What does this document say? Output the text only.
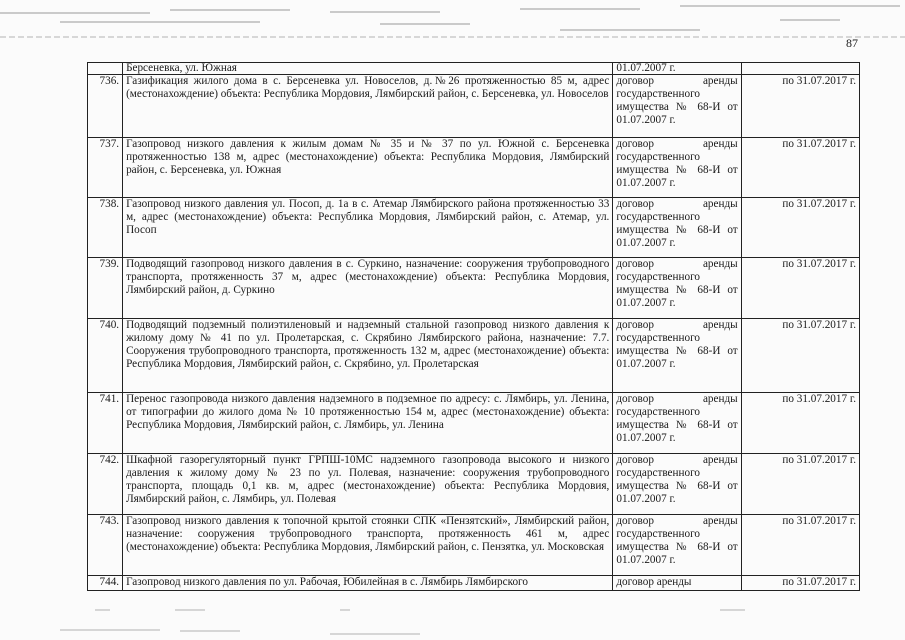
87
	Берсеневка, ул. Южная	01.07.2007 г.	
736.	Газификация жилого дома в с. Берсеневка ул. Новоселов, д.№26 протяженностью 85 м, адрес (местонахождение) объекта: Республика Мордовия, Лямбирский район, с. Берсеневка, ул. Новоселов	договор аренды государственного имущества № 68-И от 01.07.2007 г.	по 31.07.2017 г.
737.	Газопровод низкого давления к жилым домам № 35 и № 37 по ул. Южной с. Берсеневка протяженностью 138 м, адрес (местонахождение) объекта: Республика Мордовия, Лямбирский район, с. Берсеневка, ул. Южная	договор аренды государственного имущества № 68-И от 01.07.2007 г.	по 31.07.2017 г.
738.	Газопровод низкого давления ул. Посоп, д. 1а в с. Атемар Лямбирского района протяженностью 33 м, адрес (местонахождение) объекта: Республика Мордовия, Лямбирский район, с. Атемар, ул. Посоп	договор аренды государственного имущества № 68-И от 01.07.2007 г.	по 31.07.2017 г.
739.	Подводящий газопровод низкого давления в с. Суркино, назначение: сооружения трубопроводного транспорта, протяженность 37 м, адрес (местонахождение) объекта: Республика Мордовия, Лямбирский район, д. Суркино	договор аренды государственного имущества № 68-И от 01.07.2007 г.	по 31.07.2017 г.
740.	Подводящий подземный полиэтиленовый и надземный стальной газопровод низкого давления к жилому дому № 41 по ул. Пролетарская, с. Скрябино Лямбирского района, назначение: 7.7. Сооружения трубопроводного транспорта, протяженность 132 м, адрес (местонахождение) объекта: Республика Мордовия, Лямбирский район, с. Скрябино, ул. Пролетарская	договор аренды государственного имущества № 68-И от 01.07.2007 г.	по 31.07.2017 г.
741.	Перенос газопровода низкого давления надземного в подземное по адресу: с. Лямбирь, ул. Ленина, от типографии до жилого дома № 10 протяженностью 154 м, адрес (местонахождение) объекта: Республика Мордовия, Лямбирский район, с. Лямбирь, ул. Ленина	договор аренды государственного имущества № 68-И от 01.07.2007 г.	по 31.07.2017 г.
742.	Шкафной газорегуляторный пункт ГРПШ-10МС надземного газопровода высокого и низкого давления к жилому дому № 23 по ул. Полевая, назначение: сооружения трубопроводного транспорта, площадь 0,1 кв. м, адрес (местонахождение) объекта: Республика Мордовия, Лямбирский район, с. Лямбирь, ул. Полевая	договор аренды государственного имущества № 68-И от 01.07.2007 г.	по 31.07.2017 г.
743.	Газопровод низкого давления к топочной крытой стоянки СПК «Пензятский», Лямбирский район, назначение: сооружения трубопроводного транспорта, протяженность 461 м, адрес (местонахождение) объекта: Республика Мордовия, Лямбирский район, с. Пензятка, ул. Московская	договор аренды государственного имущества № 68-И от 01.07.2007 г.	по 31.07.2017 г.
744.	Газопровод низкого давления по ул. Рабочая, Юбилейная в с. Лямбирь Лямбирского	договор аренды	по 31.07.2017 г.
